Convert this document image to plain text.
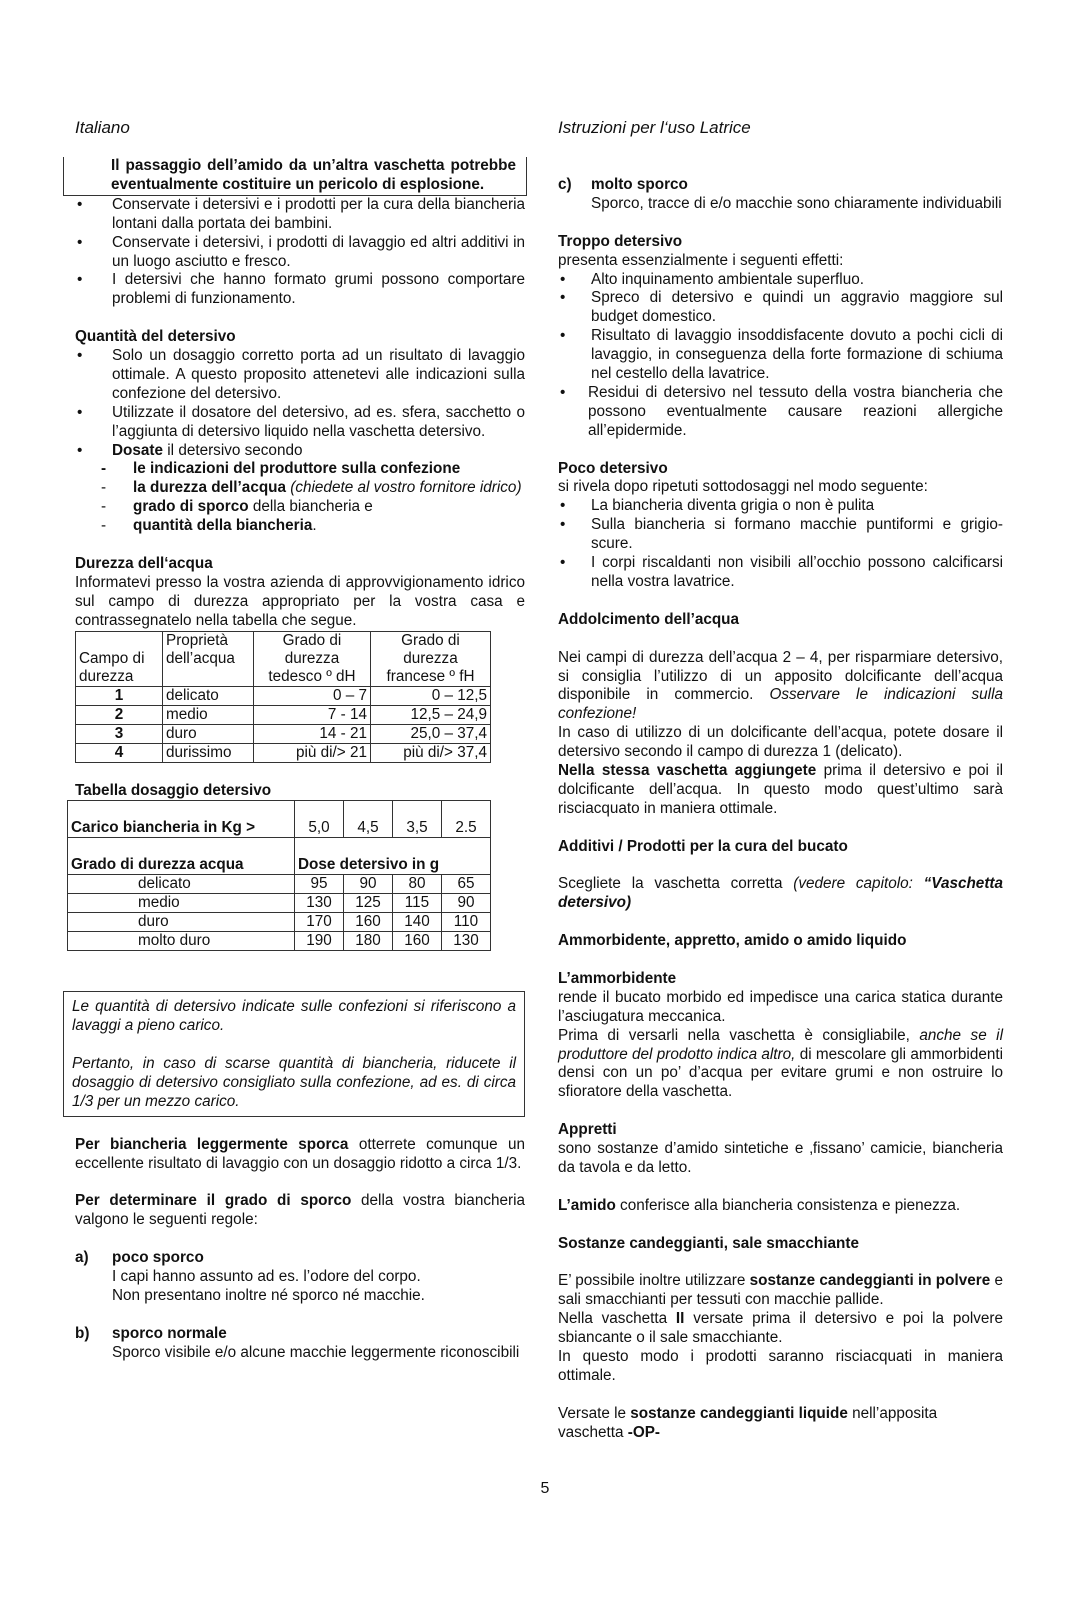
Italiano	Istruzioni per l‘uso Latrice

Il passaggio dell’amido da un’altra vaschetta potrebbe eventualmente costituire un pericolo di esplosione.

• Conservate i detersivi e i prodotti per la cura della biancheria lontani dalla portata dei bambini.

• Conservate i detersivi, i prodotti di lavaggio ed altri additivi in un luogo asciutto e fresco.

• I detersivi che hanno formato grumi possono comportare problemi di funzionamento.

Quantità del detersivo

• Solo un dosaggio corretto porta ad un risultato di lavaggio ottimale. A questo proposito attenetevi alle indicazioni sulla confezione del detersivo.

• Utilizzate il dosatore del detersivo, ad es. sfera, sacchetto o l’aggiunta di detersivo liquido nella vaschetta detersivo.

• Dosate il detersivo secondo

- le indicazioni del produttore sulla confezione

- la durezza dell’acqua (chiedete al vostro fornitore idrico)

- grado di sporco della biancheria e

- quantità della biancheria.

Durezza dell‘acqua

Informatevi presso la vostra azienda di approvvigionamento idrico sul campo di durezza appropriato per la vostra casa e contrassegnatelo nella tabella che segue.

Campo di durezza	Proprietà dell’acqua	Grado di durezza tedesco º dH	Grado di durezza francese º fH
1	delicato	0 – 7	0 – 12,5
2	medio	7 - 14	12,5 – 24,9
3	duro	14 - 21	25,0 – 37,4
4	durissimo	più di/> 21	più di/> 37,4

Tabella dosaggio detersivo

Carico biancheria in Kg >	5,0	4,5	3,5	2.5
Grado di durezza acqua	Dose detersivo in g			
delicato	95	90	80	65
medio	130	125	115	90
duro	170	160	140	110
molto duro	190	180	160	130

Le quantità di detersivo indicate sulle confezioni si riferiscono a lavaggi a pieno carico.

Pertanto, in caso di scarse quantità di biancheria, riducete il dosaggio di detersivo consigliato sulla confezione, ad es. di circa 1/3 per un mezzo carico.

Per biancheria leggermente sporca otterrete comunque un eccellente risultato di lavaggio con un dosaggio ridotto a circa 1/3.

Per determinare il grado di sporco della vostra biancheria valgono le seguenti regole:

a) poco sporco

I capi hanno assunto ad es. l’odore del corpo.

Non presentano inoltre né sporco né macchie.

b) sporco normale

Sporco visibile e/o alcune macchie leggermente riconoscibili

c) molto sporco

Sporco, tracce di e/o macchie sono chiaramente individuabili

Troppo detersivo

presenta essenzialmente i seguenti effetti:

• Alto inquinamento ambientale superfluo.

• Spreco di detersivo e quindi un aggravio maggiore sul budget domestico.

• Risultato di lavaggio insoddisfacente dovuto a pochi cicli di lavaggio, in conseguenza della forte formazione di schiuma nel cestello della lavatrice.

• Residui di detersivo nel tessuto della vostra biancheria che possono eventualmente causare reazioni allergiche all’epidermide.

Poco detersivo

si rivela dopo ripetuti sottodosaggi nel modo seguente:

• La biancheria diventa grigia o non è pulita

• Sulla biancheria si formano macchie puntiformi e grigio-scure.

• I corpi riscaldanti non visibili all’occhio possono calcificarsi nella vostra lavatrice.

Addolcimento dell’acqua

Nei campi di durezza dell’acqua 2 – 4, per risparmiare detersivo, si consiglia l’utilizzo di un apposito dolcificante dell’acqua disponibile in commercio. Osservare le indicazioni sulla confezione!

In caso di utilizzo di un dolcificante dell’acqua, potete dosare il detersivo secondo il campo di durezza 1 (delicato).

Nella stessa vaschetta aggiungete prima il detersivo e poi il dolcificante dell’acqua. In questo modo quest’ultimo sarà risciacquato in maniera ottimale.

Additivi / Prodotti per la cura del bucato

Scegliete la vaschetta corretta (vedere capitolo: “Vaschetta detersivo)

Ammorbidente, appretto, amido o amido liquido

L’ammorbidente

rende il bucato morbido ed impedisce una carica statica durante l’asciugatura meccanica.

Prima di versarli nella vaschetta è consigliabile, anche se il produttore del prodotto indica altro, di mescolare gli ammorbidenti densi con un po’ d’acqua per evitare grumi e non ostruire lo sfioratore della vaschetta.

Appretti

sono sostanze d’amido sintetiche e ‚fissano’ camicie, biancheria da tavola e da letto.

L’amido conferisce alla biancheria consistenza e pienezza.

Sostanze candeggianti, sale smacchiante

E’ possibile inoltre utilizzare sostanze candeggianti in polvere e sali smacchianti per tessuti con macchie pallide.

Nella vaschetta II versate prima il detersivo e poi la polvere sbiancante o il sale smacchiante.

In questo modo i prodotti saranno risciacquati in maniera ottimale.

Versate le sostanze candeggianti liquide nell’apposita vaschetta -OP-

5
